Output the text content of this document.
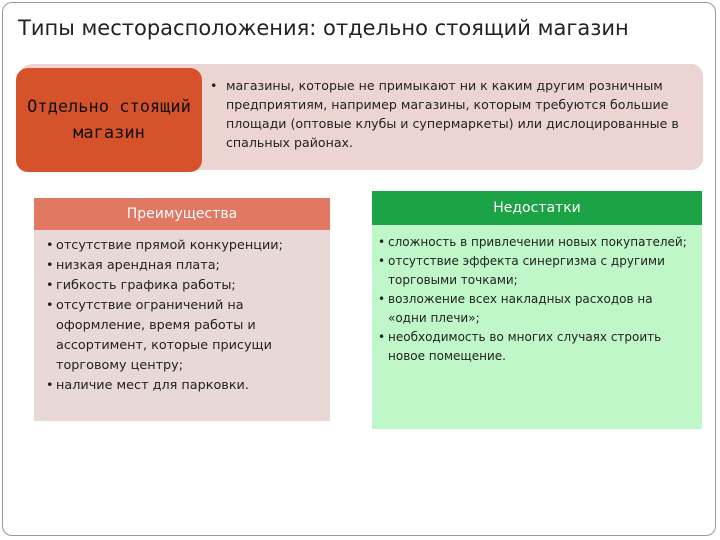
Типы месторасположения: отдельно стоящий магазин
Отдельно стоящий магазин
• магазины, которые не примыкают ни к каким другим розничным предприятиям, например магазины, которым требуются большие площади (оптовые клубы и супермаркеты) или дислоцированные в спальных районах.
Преимущества
• отсутствие прямой конкуренции;
• низкая арендная плата;
• гибкость графика работы;
• отсутствие ограничений на оформление, время работы и ассортимент, которые присущи торговому центру;
• наличие мест для парковки.
Недостатки
• сложность в привлечении новых покупателей;
• отсутствие эффекта синергизма с другими торговыми точками;
• возложение всех накладных расходов на «одни плечи»;
• необходимость во многих случаях строить новое помещение.
